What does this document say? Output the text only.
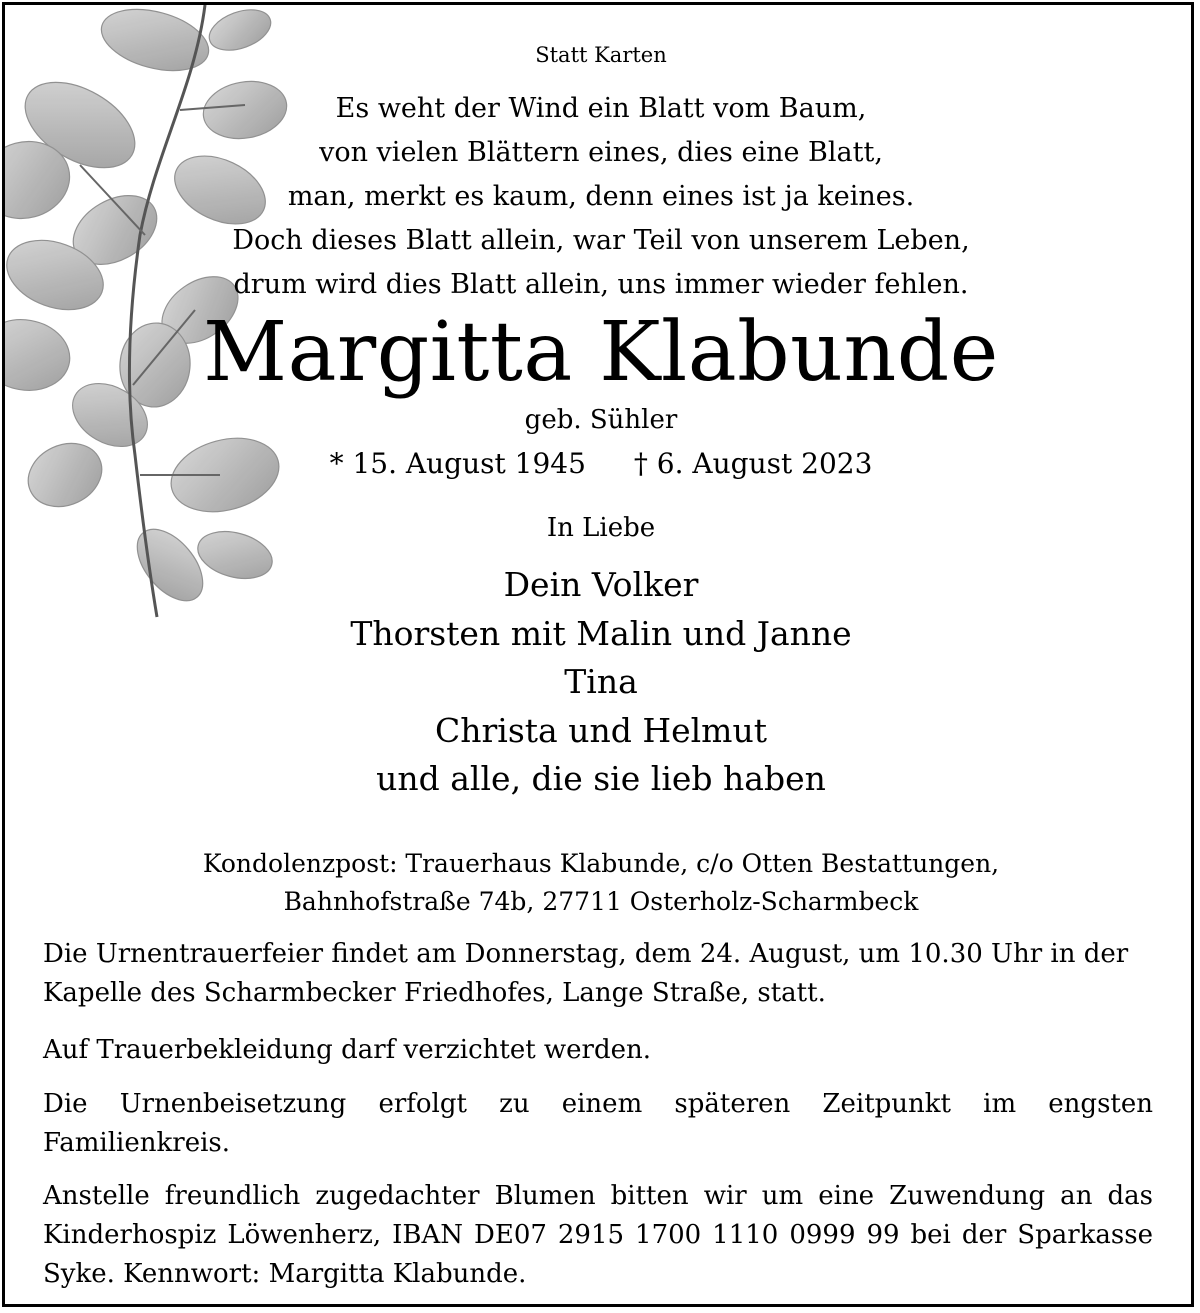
Statt Karten
Es weht der Wind ein Blatt vom Baum,
von vielen Blättern eines, dies eine Blatt,
man, merkt es kaum, denn eines ist ja keines.
Doch dieses Blatt allein, war Teil von unserem Leben,
drum wird dies Blatt allein, uns immer wieder fehlen.
Margitta Klabunde
geb. Sühler
* 15. August 1945 † 6. August 2023
In Liebe
Dein Volker
Thorsten mit Malin und Janne
Tina
Christa und Helmut
und alle, die sie lieb haben
Kondolenzpost: Trauerhaus Klabunde, c/o Otten Bestattungen,
Bahnhofstraße 74b, 27711 Osterholz-Scharmbeck
Die Urnentrauerfeier findet am Donnerstag, dem 24. August, um 10.30 Uhr in der Kapelle des Scharmbecker Friedhofes, Lange Straße, statt.
Auf Trauerbekleidung darf verzichtet werden.
Die Urnenbeisetzung erfolgt zu einem späteren Zeitpunkt im engsten Familienkreis.
Anstelle freundlich zugedachter Blumen bitten wir um eine Zuwendung an das Kinderhospiz Löwenherz, IBAN DE07 2915 1700 1110 0999 99 bei der Sparkasse Syke. Kennwort: Margitta Klabunde.
